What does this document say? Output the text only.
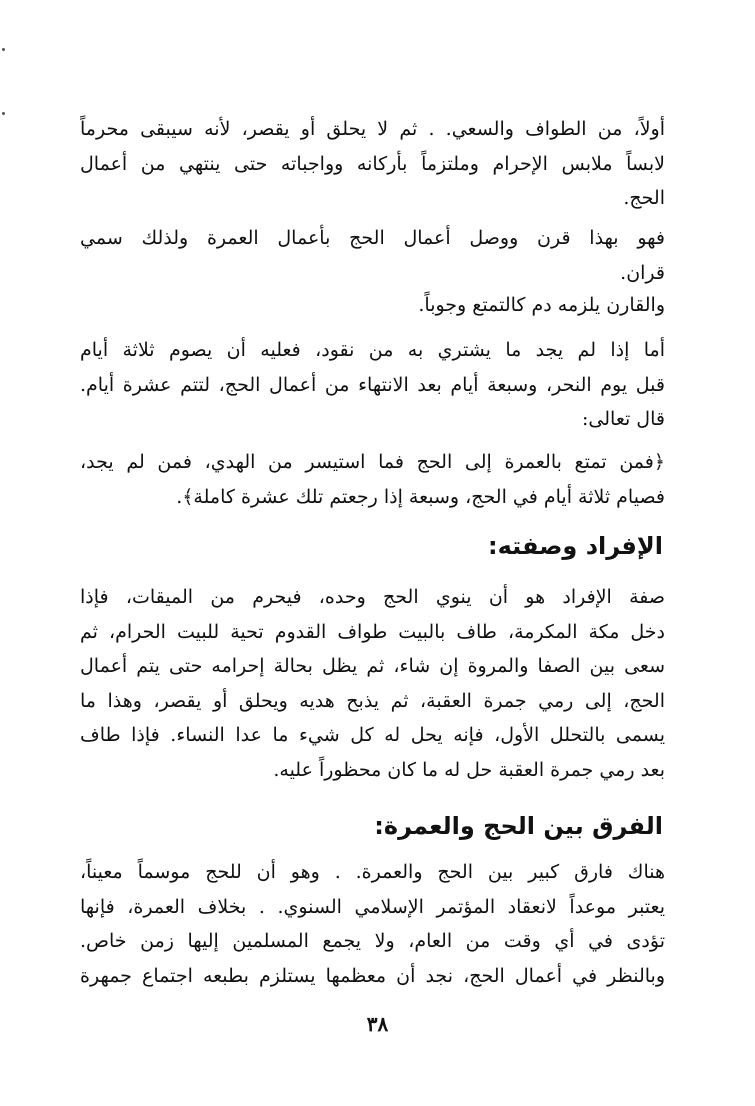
أولاً، من الطواف والسعي. . ثم لا يحلق أو يقصر، لأنه سيبقى محرماً
لابساً ملابس الإحرام وملتزماً بأركانه وواجباته حتى ينتهي من أعمال
الحج.
فهو بهذا قرن ووصل أعمال الحج بأعمال العمرة ولذلك سمي
قران.
والقارن يلزمه دم كالتمتع وجوباً.
أما إذا لم يجد ما يشتري به من نقود، فعليه أن يصوم ثلاثة أيام
قبل يوم النحر، وسبعة أيام بعد الانتهاء من أعمال الحج، لتتم عشرة أيام.
قال تعالى:
﴿فمن تمتع بالعمرة إلى الحج فما استيسر من الهدي، فمن لم يجد،
فصيام ثلاثة أيام في الحج، وسبعة إذا رجعتم تلك عشرة كاملة﴾.
الإفراد وصفته:
صفة الإفراد هو أن ينوي الحج وحده، فيحرم من الميقات، فإذا
دخل مكة المكرمة، طاف بالبيت طواف القدوم تحية للبيت الحرام، ثم
سعى بين الصفا والمروة إن شاء، ثم يظل بحالة إحرامه حتى يتم أعمال
الحج، إلى رمي جمرة العقبة، ثم يذبح هديه ويحلق أو يقصر، وهذا ما
يسمى بالتحلل الأول، فإنه يحل له كل شيء ما عدا النساء. فإذا طاف
بعد رمي جمرة العقبة حل له ما كان محظوراً عليه.
الفرق بين الحج والعمرة:
هناك فارق كبير بين الحج والعمرة. . وهو أن للحج موسماً معيناً،
يعتبر موعداً لانعقاد المؤتمر الإسلامي السنوي. . بخلاف العمرة، فإنها
تؤدى في أي وقت من العام، ولا يجمع المسلمين إليها زمن خاص.
وبالنظر في أعمال الحج، نجد أن معظمها يستلزم بطبعه اجتماع جمهرة
٣٨
